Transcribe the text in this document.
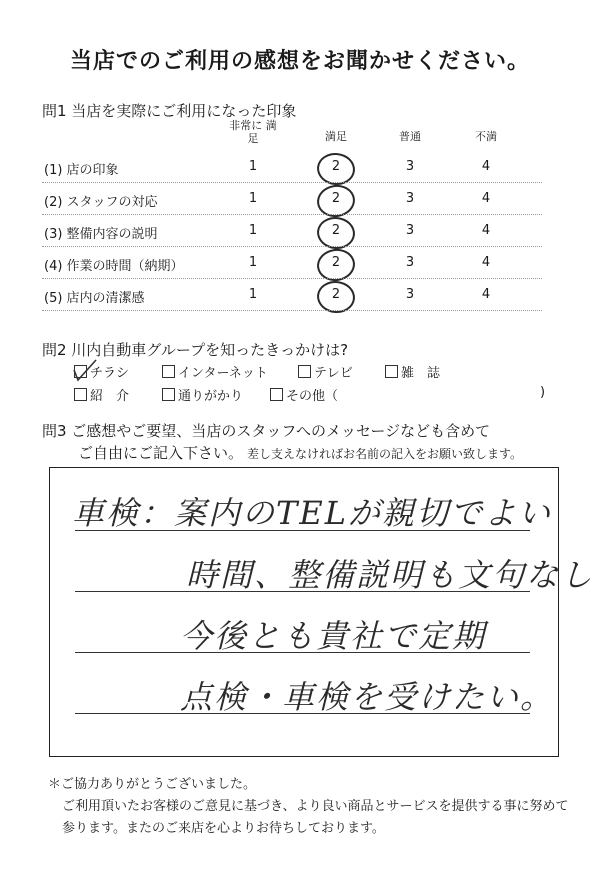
当店でのご利用の感想をお聞かせください。
問1 当店を実際にご利用になった印象
非常に 満足	満足	普通	不満
(1) 店の印象	1	2	3	4
(2) スタッフの対応	1	2	3	4
(3) 整備内容の説明	1	2	3	4
(4) 作業の時間（納期）	1	2	3	4
(5) 店内の清潔感	1	2	3	4
問2 川内自動車グループを知ったきっかけは?
チラシ	インターネット	テレビ	雑　誌
紹　介	通りがかり	その他（	)
問3 ご感想やご要望、当店のスタッフへのメッセージなども含めて
ご自由にご記入下さい。 差し支えなければお名前の記入をお願い致します。
車検：案内のTELが親切でよい
時間、整備説明も文句なし
今後とも貴社で定期
点検・車検を受けたい。
＊ご協力ありがとうございました。
ご利用頂いたお客様のご意見に基づき、より良い商品とサービスを提供する事に努めて
参ります。またのご来店を心よりお待ちしております。
